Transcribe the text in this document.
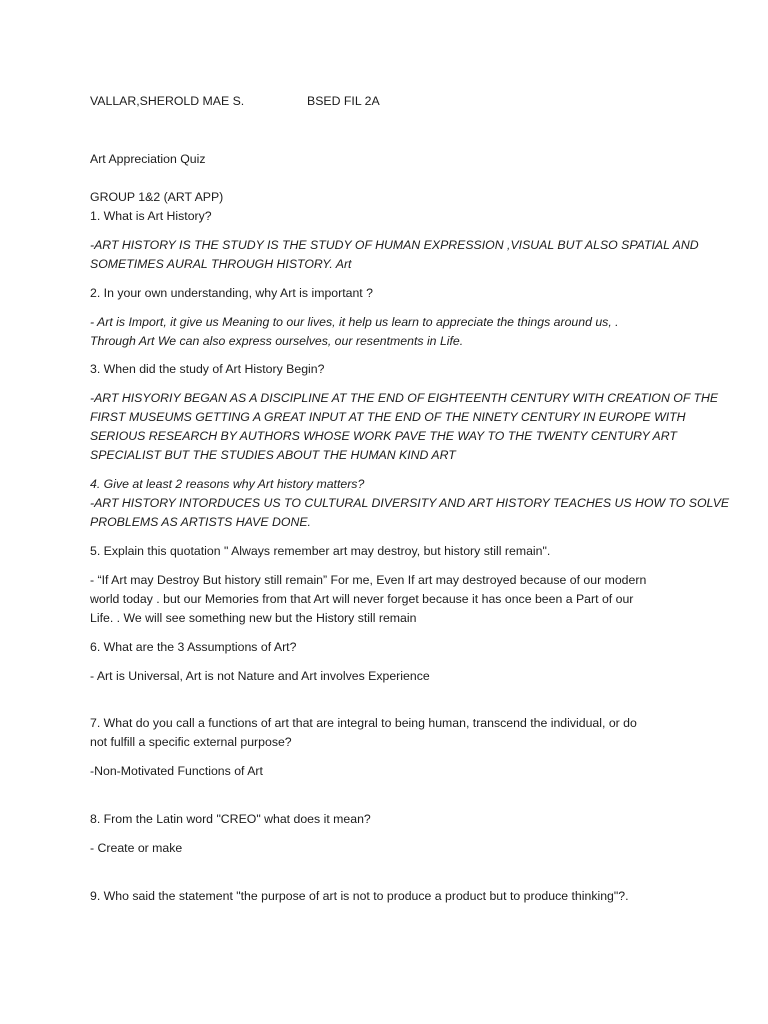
VALLAR,SHEROLD MAE S.	BSED FIL 2A

Art Appreciation Quiz

GROUP 1&2 (ART APP)

1. What is Art History?

-ART HISTORY IS THE STUDY IS THE STUDY OF HUMAN EXPRESSION ,VISUAL BUT ALSO SPATIAL AND

SOMETIMES AURAL THROUGH HISTORY. Art

2. In your own understanding, why Art is important ?

- Art is Import, it give us Meaning to our lives, it help us learn to appreciate the things around us, .

Through Art We can also express ourselves, our resentments in Life.

3. When did the study of Art History Begin?

-ART HISYORIY BEGAN AS A DISCIPLINE AT THE END OF EIGHTEENTH CENTURY WITH CREATION OF THE

FIRST MUSEUMS GETTING A GREAT INPUT AT THE END OF THE NINETY CENTURY IN EUROPE WITH

SERIOUS RESEARCH BY AUTHORS WHOSE WORK PAVE THE WAY TO THE TWENTY CENTURY ART

SPECIALIST BUT THE STUDIES ABOUT THE HUMAN KIND ART

4. Give at least 2 reasons why Art history matters?

-ART HISTORY INTORDUCES US TO CULTURAL DIVERSITY AND ART HISTORY TEACHES US HOW TO SOLVE

PROBLEMS AS ARTISTS HAVE DONE.

5. Explain this quotation " Always remember art may destroy, but history still remain".

- “If Art may Destroy But history still remain” For me, Even If art may destroyed because of our modern

world today . but our Memories from that Art will never forget because it has once been a Part of our

Life. . We will see something new but the History still remain

6. What are the 3 Assumptions of Art?

- Art is Universal, Art is not Nature and Art involves Experience

7. What do you call a functions of art that are integral to being human, transcend the individual, or do

not fulfill a specific external purpose?

-Non-Motivated Functions of Art

8. From the Latin word "CREO" what does it mean?

- Create or make

9. Who said the statement "the purpose of art is not to produce a product but to produce thinking"?.
